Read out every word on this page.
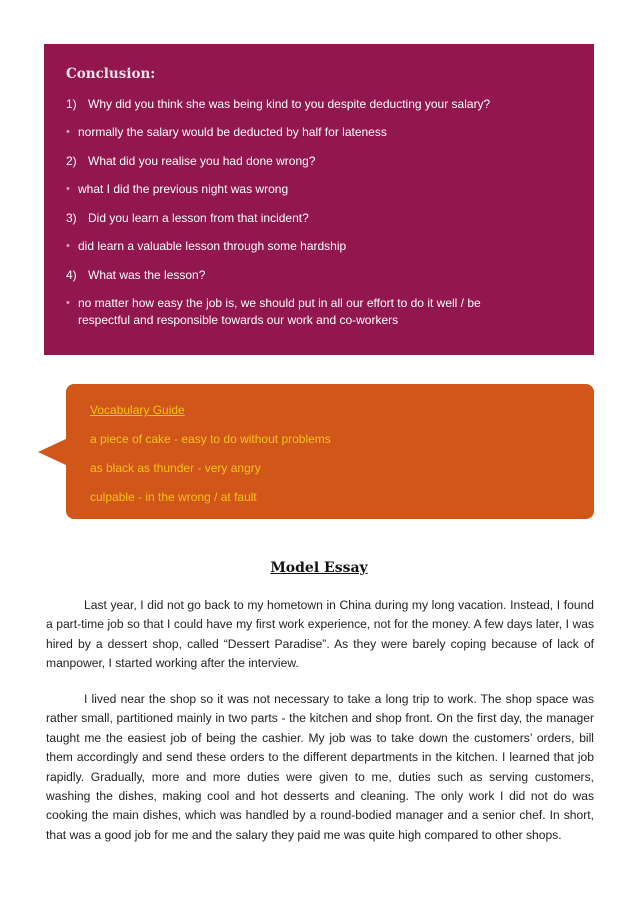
Conclusion:
1) Why did you think she was being kind to you despite deducting your salary?
• normally the salary would be deducted by half for lateness
2) What did you realise you had done wrong?
• what I did the previous night was wrong
3) Did you learn a lesson from that incident?
• did learn a valuable lesson through some hardship
4) What was the lesson?
• no matter how easy the job is, we should put in all our effort to do it well / be respectful and responsible towards our work and co-workers
Vocabulary Guide
a piece of cake - easy to do without problems
as black as thunder - very angry
culpable - in the wrong / at fault
Model Essay

Last year, I did not go back to my hometown in China during my long vacation. Instead, I found a part-time job so that I could have my first work experience, not for the money. A few days later, I was hired by a dessert shop, called “Dessert Paradise”. As they were barely coping because of lack of manpower, I started working after the interview.

I lived near the shop so it was not necessary to take a long trip to work. The shop space was rather small, partitioned mainly in two parts - the kitchen and shop front. On the first day, the manager taught me the easiest job of being the cashier. My job was to take down the customers’ orders, bill them accordingly and send these orders to the different departments in the kitchen. I learned that job rapidly. Gradually, more and more duties were given to me, duties such as serving customers, washing the dishes, making cool and hot desserts and cleaning. The only work I did not do was cooking the main dishes, which was handled by a round-bodied manager and a senior chef. In short, that was a good job for me and the salary they paid me was quite high compared to other shops.
